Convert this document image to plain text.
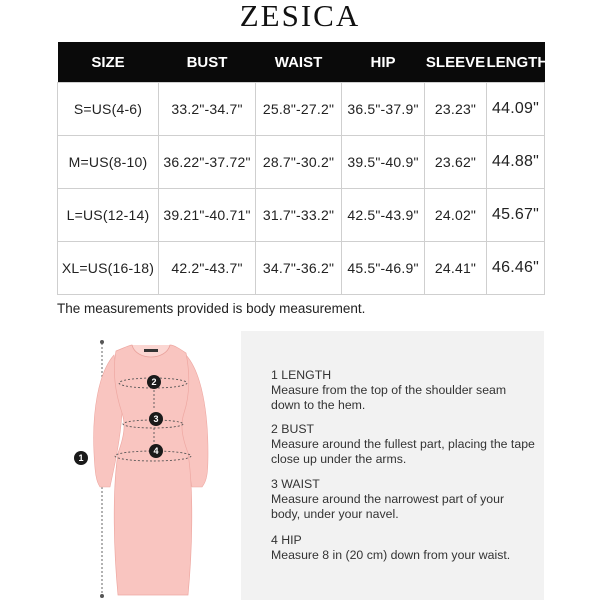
ZESICA
SIZE	BUST	WAIST	HIP	SLEEVE	LENGTH
S=US(4-6)	33.2"-34.7"	25.8"-27.2"	36.5"-37.9"	23.23"	44.09"
M=US(8-10)	36.22"-37.72"	28.7"-30.2"	39.5"-40.9"	23.62"	44.88"
L=US(12-14)	39.21"-40.71"	31.7"-33.2"	42.5"-43.9"	24.02"	45.67"
XL=US(16-18)	42.2"-43.7"	34.7"-36.2"	45.5"-46.9"	24.41"	46.46"
The measurements provided is body measurement.
1
2
3
4
1 LENGTH
Measure from the top of the shoulder seam down to the hem.
2 BUST
Measure around the fullest part, placing the tape close up under the arms.
3 WAIST
Measure around the narrowest part of your body, under your navel.
4 HIP
Measure 8 in (20 cm) down from your waist.
